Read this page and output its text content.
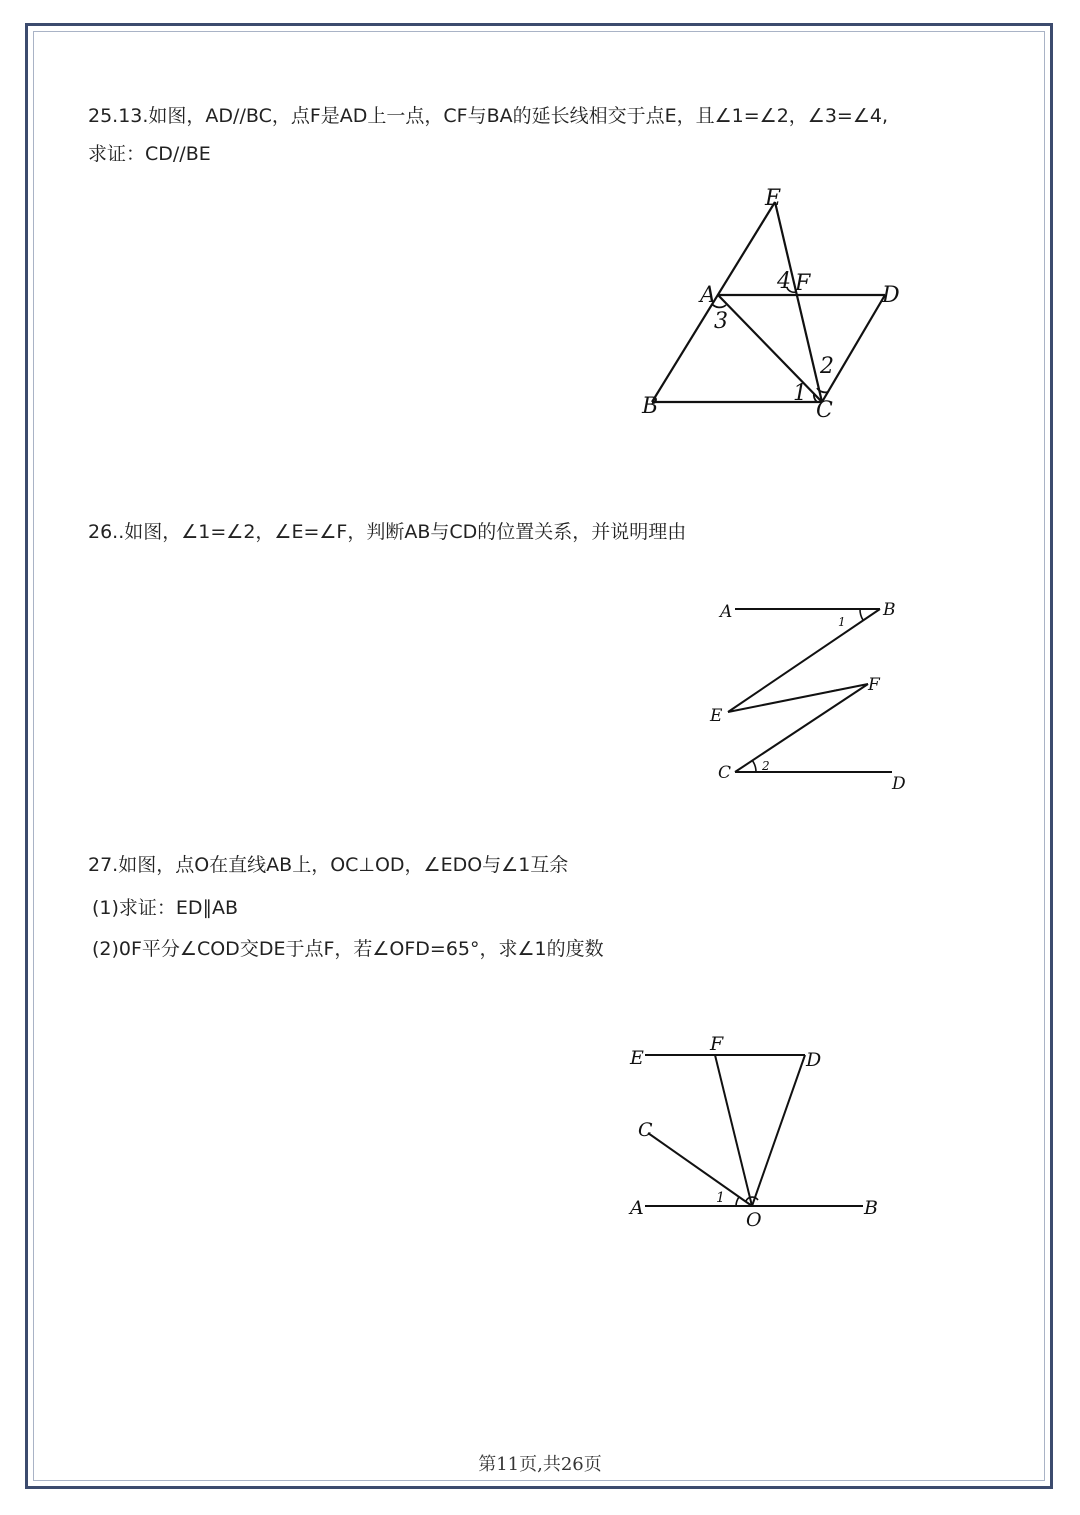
25.13.如图，AD//BC，点F是AD上一点，CF与BA的延长线相交于点E，且∠1=∠2，∠3=∠4,
求证：CD//BE
E
A	F	D
B	C
4
3
1
2
26..如图，∠1=∠2，∠E=∠F，判断AB与CD的位置关系，并说明理由
A	B
1
E
F
C	2
D
27.如图，点O在直线AB上，OC⊥OD，∠EDO与∠1互余
(1)求证：ED∥AB
(2)0F平分∠COD交DE于点F，若∠OFD=65°，求∠1的度数
E
F
D
C
A	1
O
B
第11页,共26页
